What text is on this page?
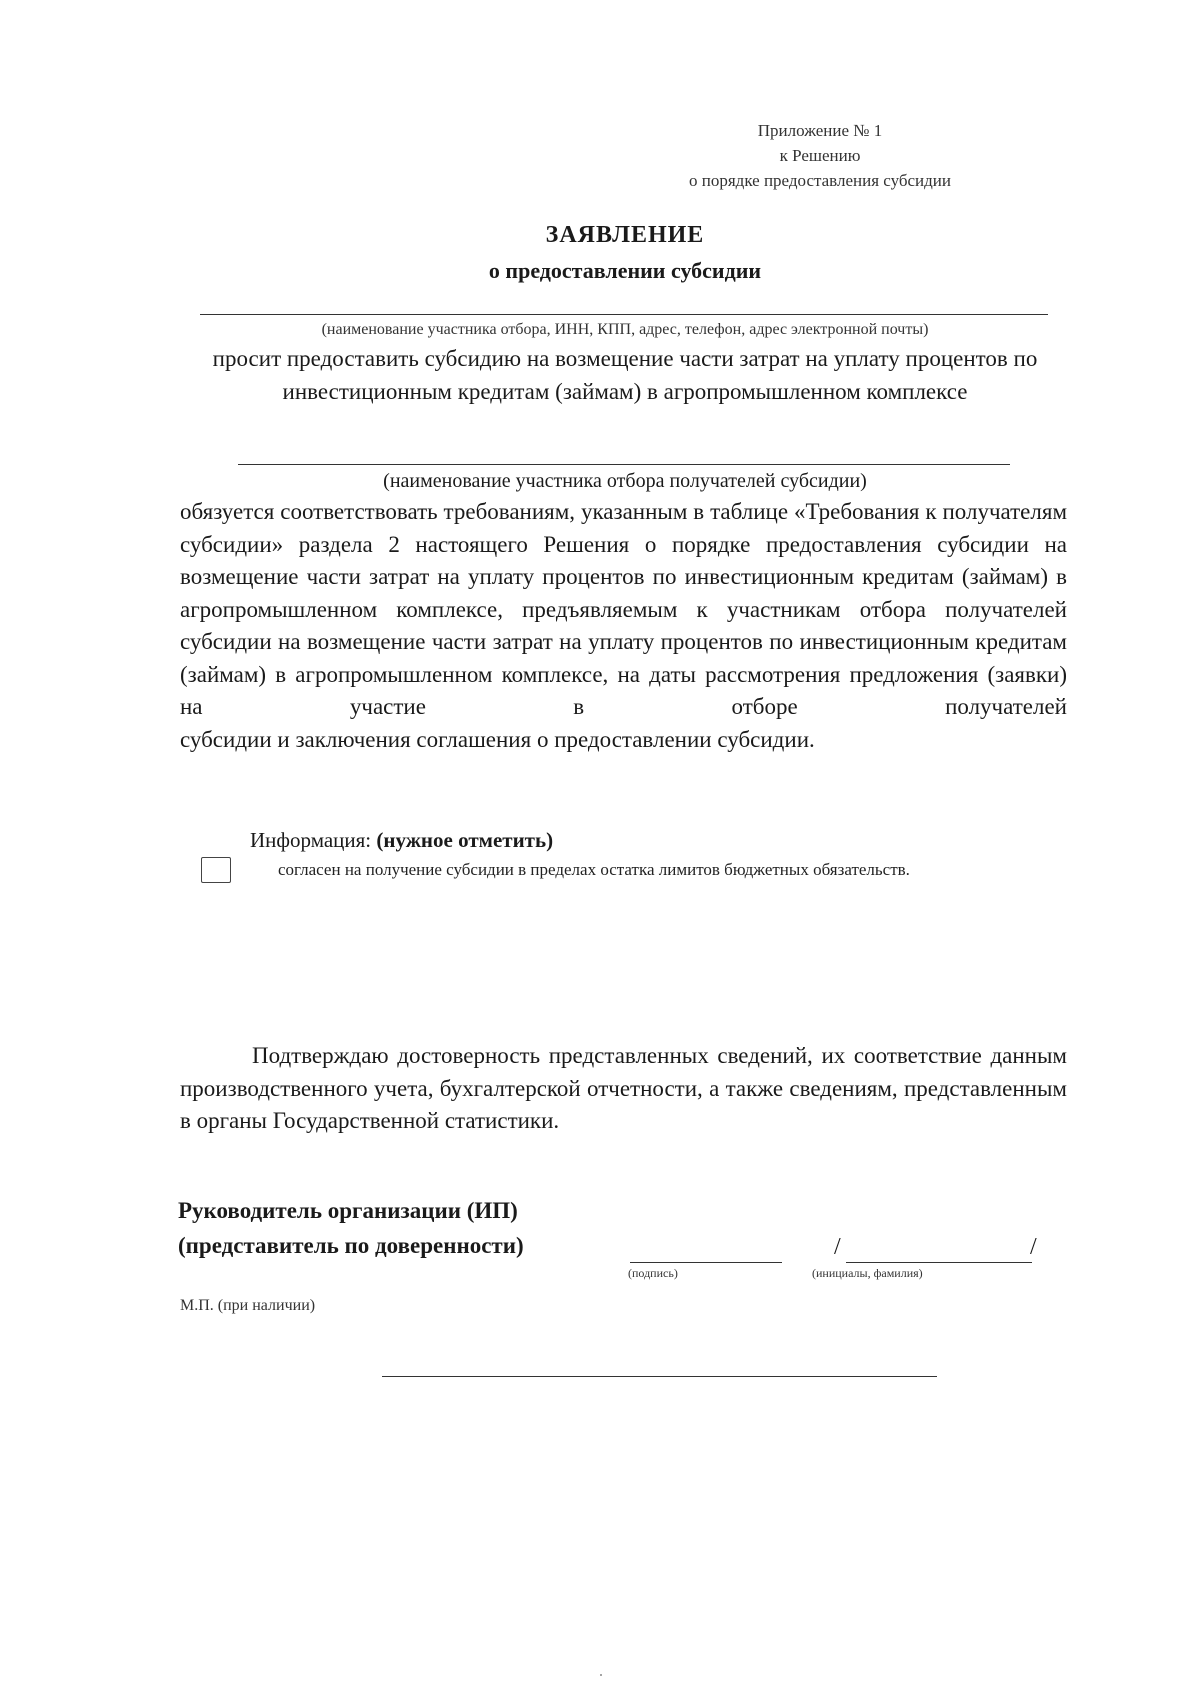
Приложение № 1
к Решению
о порядке предоставления субсидии
ЗАЯВЛЕНИЕ
о предоставлении субсидии
(наименование участника отбора, ИНН, КПП, адрес, телефон, адрес электронной почты)
просит предоставить субсидию на возмещение части затрат на уплату процентов по инвестиционным кредитам (займам) в агропромышленном комплексе
(наименование участника отбора получателей субсидии)
обязуется соответствовать требованиям, указанным в таблице «Требования к получателям субсидии» раздела 2 настоящего Решения о порядке предоставления субсидии на возмещение части затрат на уплату процентов по инвестиционным кредитам (займам) в агропромышленном комплексе, предъявляемым к участникам отбора получателей субсидии на возмещение части затрат на уплату процентов по инвестиционным кредитам (займам) в агропромышленном комплексе, на даты рассмотрения предложения (заявки) на участие в отборе получателей
субсидии и заключения соглашения о предоставлении субсидии.
Информация: (нужное отметить)
согласен на получение субсидии в пределах остатка лимитов бюджетных обязательств.
Подтверждаю достоверность представленных сведений, их соответствие данным производственного учета, бухгалтерской отчетности, а также сведениям, представленным в органы Государственной статистики.
Руководитель организации (ИП)
(представитель по доверенности)
(подпись)
/	/
(инициалы, фамилия)
М.П. (при наличии)
